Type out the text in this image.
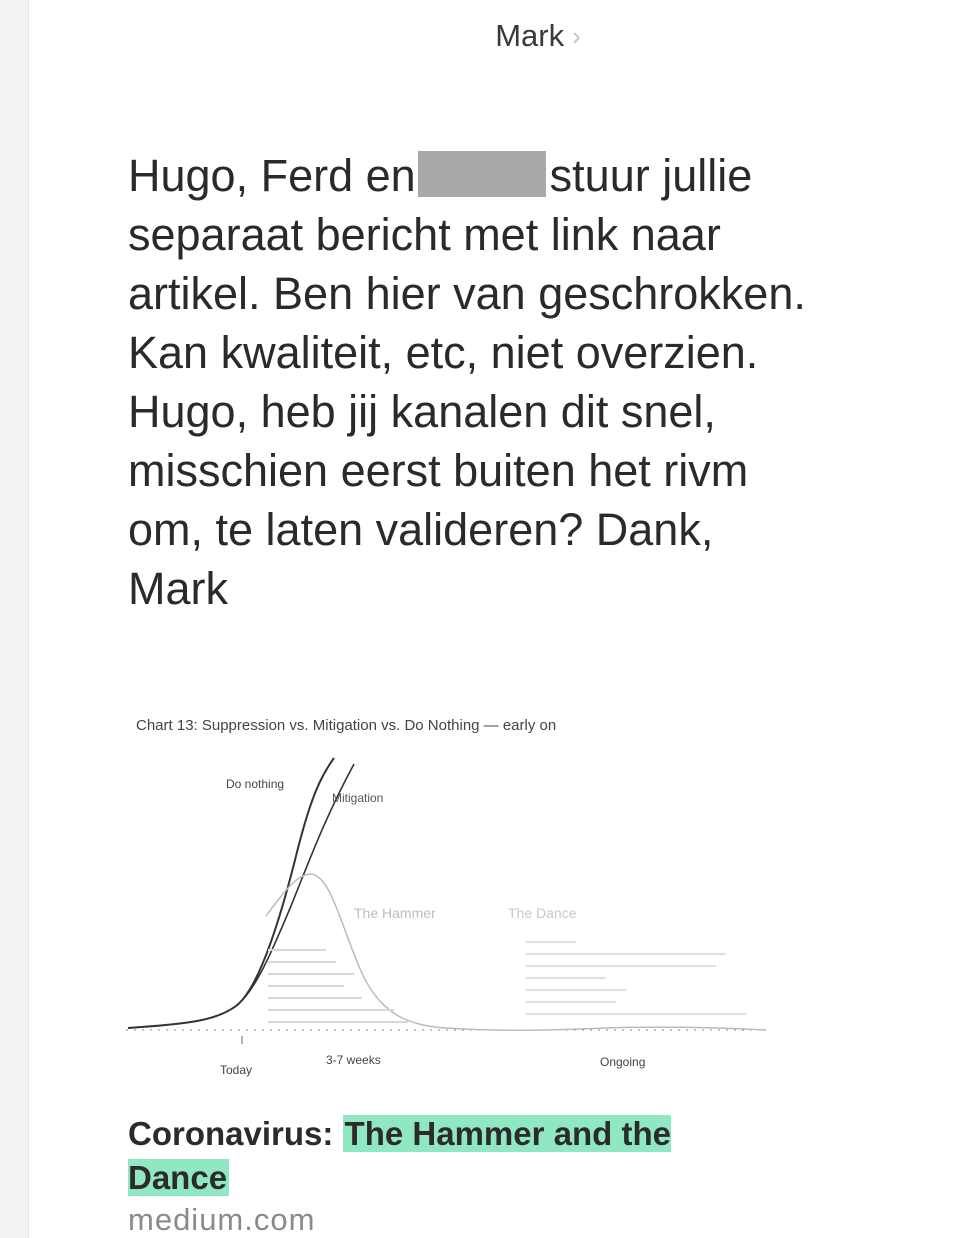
Mark ›

Hugo, Ferd en	stuur jullie separaat bericht met link naar artikel. Ben hier van geschrokken. Kan kwaliteit, etc, niet overzien. Hugo, heb jij kanalen dit snel, misschien eerst buiten het rivm om, te laten valideren? Dank, Mark

Chart 13: Suppression vs. Mitigation vs. Do Nothing — early on
Do nothing
Mitigation
The Hammer	The Dance
Today
3-7 weeks	Ongoing

Coronavirus: The Hammer and the Dance

medium.com
